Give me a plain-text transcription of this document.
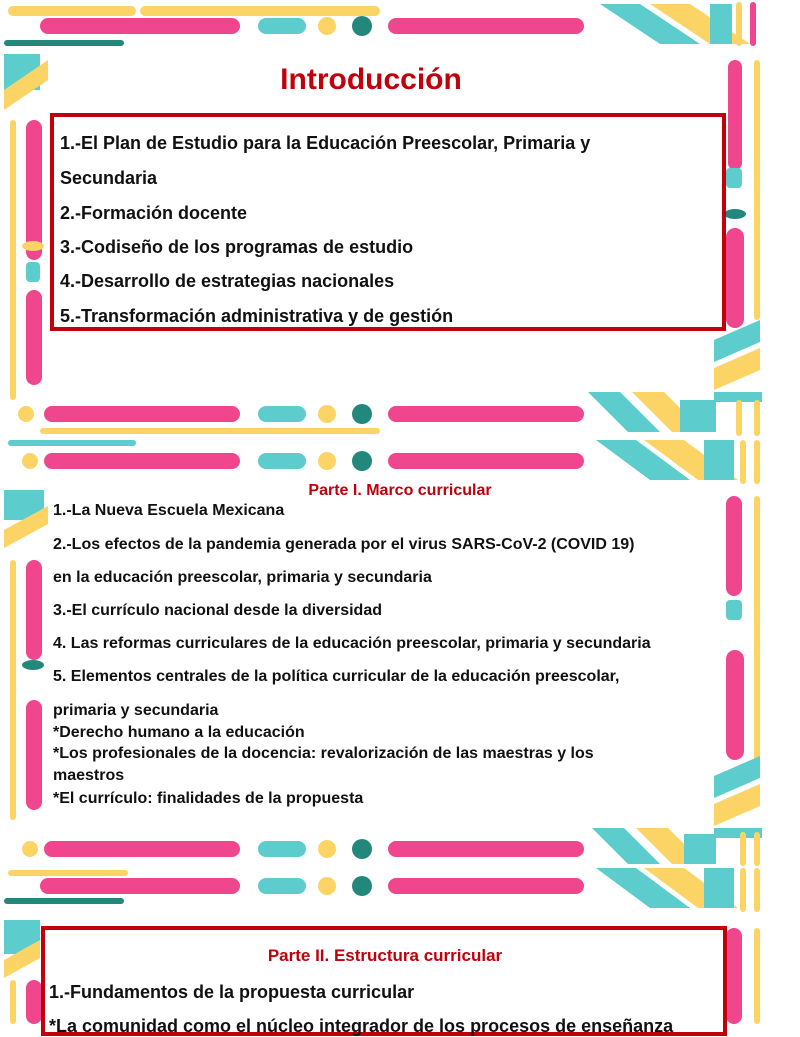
Introducción
1.-El Plan de Estudio para la Educación Preescolar, Primaria y
Secundaria
2.-Formación docente
3.-Codiseño de los programas de estudio
4.-Desarrollo de estrategias nacionales
5.-Transformación administrativa y de gestión
Parte I. Marco curricular
1.-La Nueva Escuela Mexicana
2.-Los efectos de la pandemia generada por el virus SARS-CoV-2 (COVID 19)
en la educación preescolar, primaria y secundaria
3.-El currículo nacional desde la diversidad
4. Las reformas curriculares de la educación preescolar, primaria y secundaria
5. Elementos centrales de la política curricular de la educación preescolar,
primaria y secundaria
*Derecho humano a la educación
*Los profesionales de la docencia: revalorización de las maestras y los
maestros
*El currículo: finalidades de la propuesta
Parte II. Estructura curricular
1.-Fundamentos de la propuesta curricular
*La comunidad como el núcleo integrador de los procesos de enseñanza
